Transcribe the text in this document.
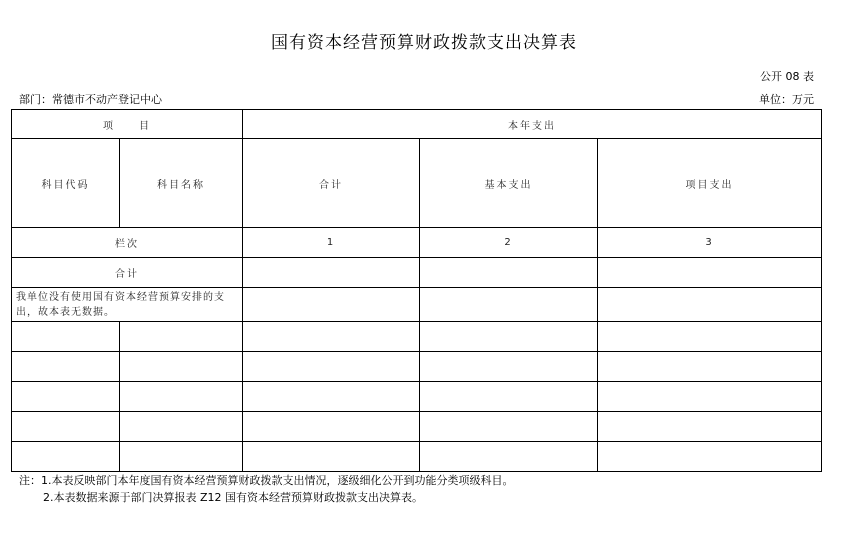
国有资本经营预算财政拨款支出决算表
公开 08 表
部门：常德市不动产登记中心	单位：万元
项　　目		本年支出		
科目代码	科目名称	合计	基本支出	项目支出
栏次		1	2	3
合计				
我单位没有使用国有资本经营预算安排的支出，故本表无数据。				

注：1.本表反映部门本年度国有资本经营预算财政拨款支出情况，逐级细化公开到功能分类项级科目。
2.本表数据来源于部门决算报表 Z12 国有资本经营预算财政拨款支出决算表。
